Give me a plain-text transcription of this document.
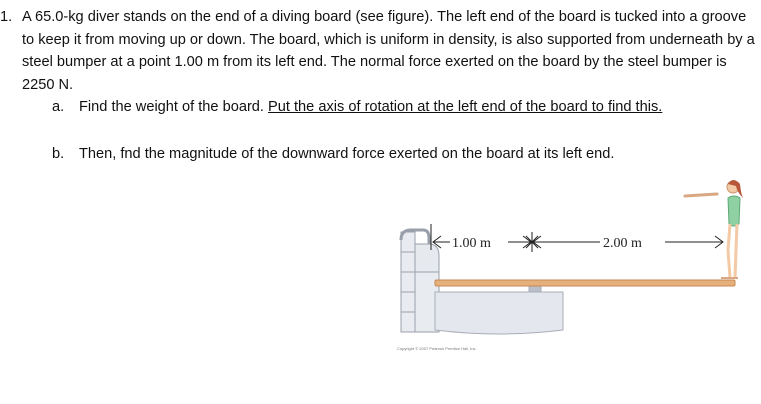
1. A 65.0-kg diver stands on the end of a diving board (see figure). The left end of the board is tucked into a groove to keep it from moving up or down. The board, which is uniform in density, is also supported from underneath by a steel bumper at a point 1.00 m from its left end. The normal force exerted on the board by the steel bumper is 2250 N.
a. Find the weight of the board. Put the axis of rotation at the left end of the board to find this.
b. Then, fnd the magnitude of the downward force exerted on the board at its left end.
1.00 m	2.00 m
Copyright © 2007 Pearson Prentice Hall, Inc.
